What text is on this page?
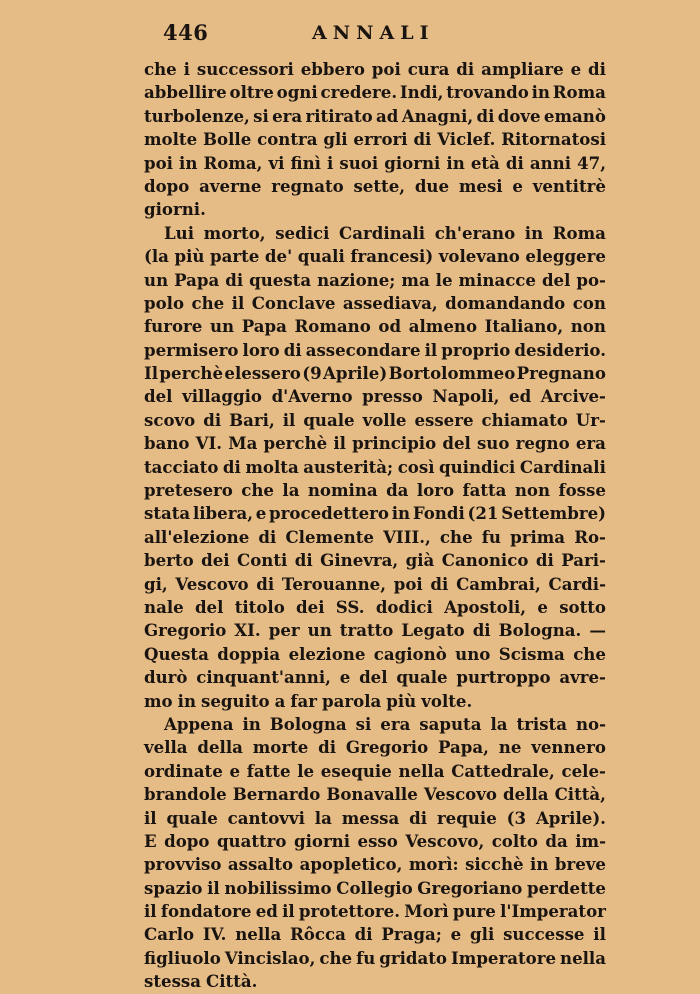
446	ANNALI
che i successori ebbero poi cura di ampliare e di
abbellire oltre ogni credere. Indi, trovando in Roma
turbolenze, si era ritirato ad Anagni, di dove emanò
molte Bolle contra gli errori di Viclef. Ritornatosi
poi in Roma, vi finì i suoi giorni in età di anni 47,
dopo averne regnato sette, due mesi e ventitrè
giorni.
Lui morto, sedici Cardinali ch'erano in Roma
(la più parte de' quali francesi) volevano eleggere
un Papa di questa nazione; ma le minacce del po-
polo che il Conclave assediava, domandando con
furore un Papa Romano od almeno Italiano, non
permisero loro di assecondare il proprio desiderio.
Il perchè elessero (9 Aprile) Bortolommeo Pregnano
del villaggio d'Averno presso Napoli, ed Arcive-
scovo di Bari, il quale volle essere chiamato Ur-
bano VI. Ma perchè il principio del suo regno era
tacciato di molta austerità; così quindici Cardinali
pretesero che la nomina da loro fatta non fosse
stata libera, e procedettero in Fondi (21 Settembre)
all'elezione di Clemente VIII., che fu prima Ro-
berto dei Conti di Ginevra, già Canonico di Pari-
gi, Vescovo di Terouanne, poi di Cambrai, Cardi-
nale del titolo dei SS. dodici Apostoli, e sotto
Gregorio XI. per un tratto Legato di Bologna. —
Questa doppia elezione cagionò uno Scisma che
durò cinquant'anni, e del quale purtroppo avre-
mo in seguito a far parola più volte.
Appena in Bologna si era saputa la trista no-
vella della morte di Gregorio Papa, ne vennero
ordinate e fatte le esequie nella Cattedrale, cele-
brandole Bernardo Bonavalle Vescovo della Città,
il quale cantovvi la messa di requie (3 Aprile).
E dopo quattro giorni esso Vescovo, colto da im-
provviso assalto apopletico, morì: sicchè in breve
spazio il nobilissimo Collegio Gregoriano perdette
il fondatore ed il protettore. Morì pure l'Imperator
Carlo IV. nella Rôcca di Praga; e gli successe il
figliuolo Vincislao, che fu gridato Imperatore nella
stessa Città.
